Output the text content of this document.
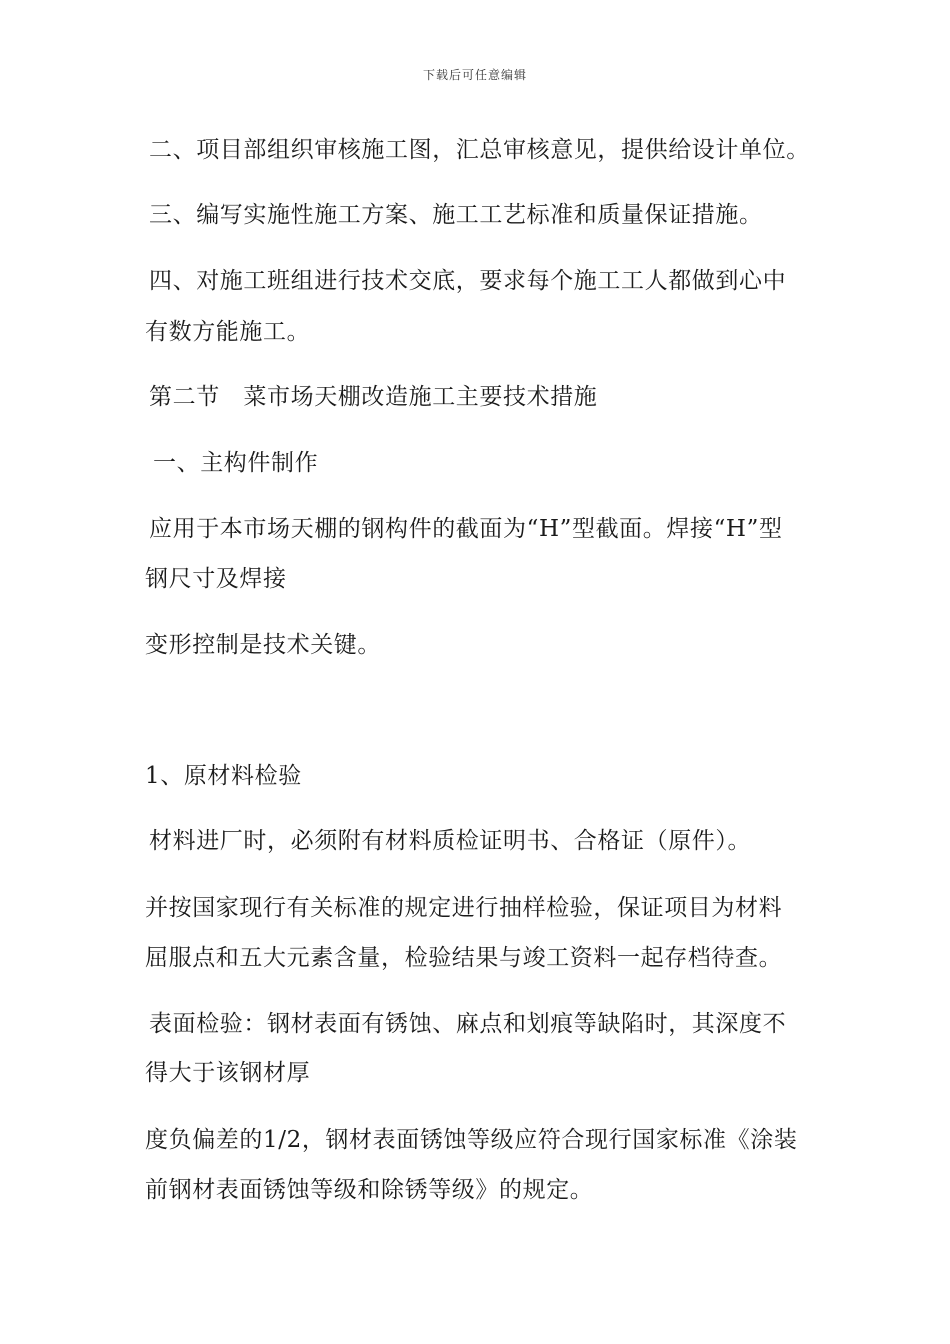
下载后可任意编辑
二、项目部组织审核施工图，汇总审核意见，提供给设计单位。
三、编写实施性施工方案、施工工艺标准和质量保证措施。
四、对施工班组进行技术交底，要求每个施工工人都做到心中
有数方能施工。
第二节　菜市场天棚改造施工主要技术措施
一、主构件制作
应用于本市场天棚的钢构件的截面为“H”型截面。焊接“H”型
钢尺寸及焊接
变形控制是技术关键。
1、原材料检验
材料进厂时，必须附有材料质检证明书、合格证（原件）。
并按国家现行有关标准的规定进行抽样检验，保证项目为材料
屈服点和五大元素含量，检验结果与竣工资料一起存档待查。
表面检验：钢材表面有锈蚀、麻点和划痕等缺陷时，其深度不
得大于该钢材厚
度负偏差的1/2，钢材表面锈蚀等级应符合现行国家标准《涂装
前钢材表面锈蚀等级和除锈等级》的规定。
